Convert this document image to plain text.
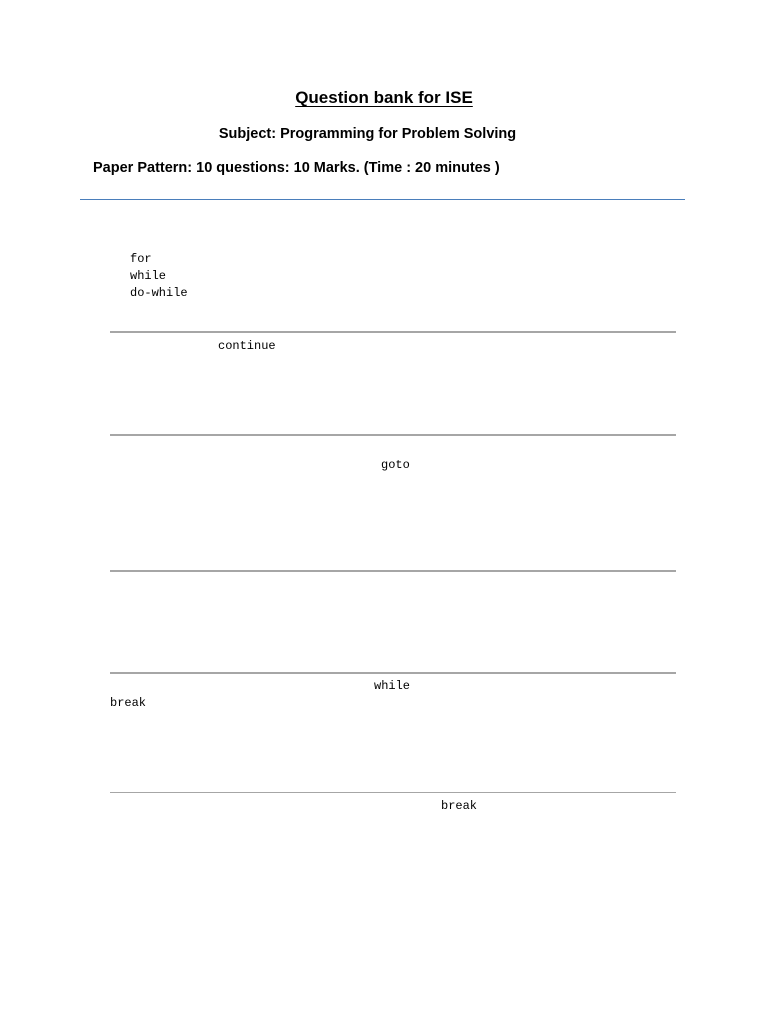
Question bank for ISE
Subject: Programming for Problem Solving
Paper Pattern: 10 questions: 10 Marks. (Time : 20 minutes )
for
while
do-while
continue
goto
while
break
break
